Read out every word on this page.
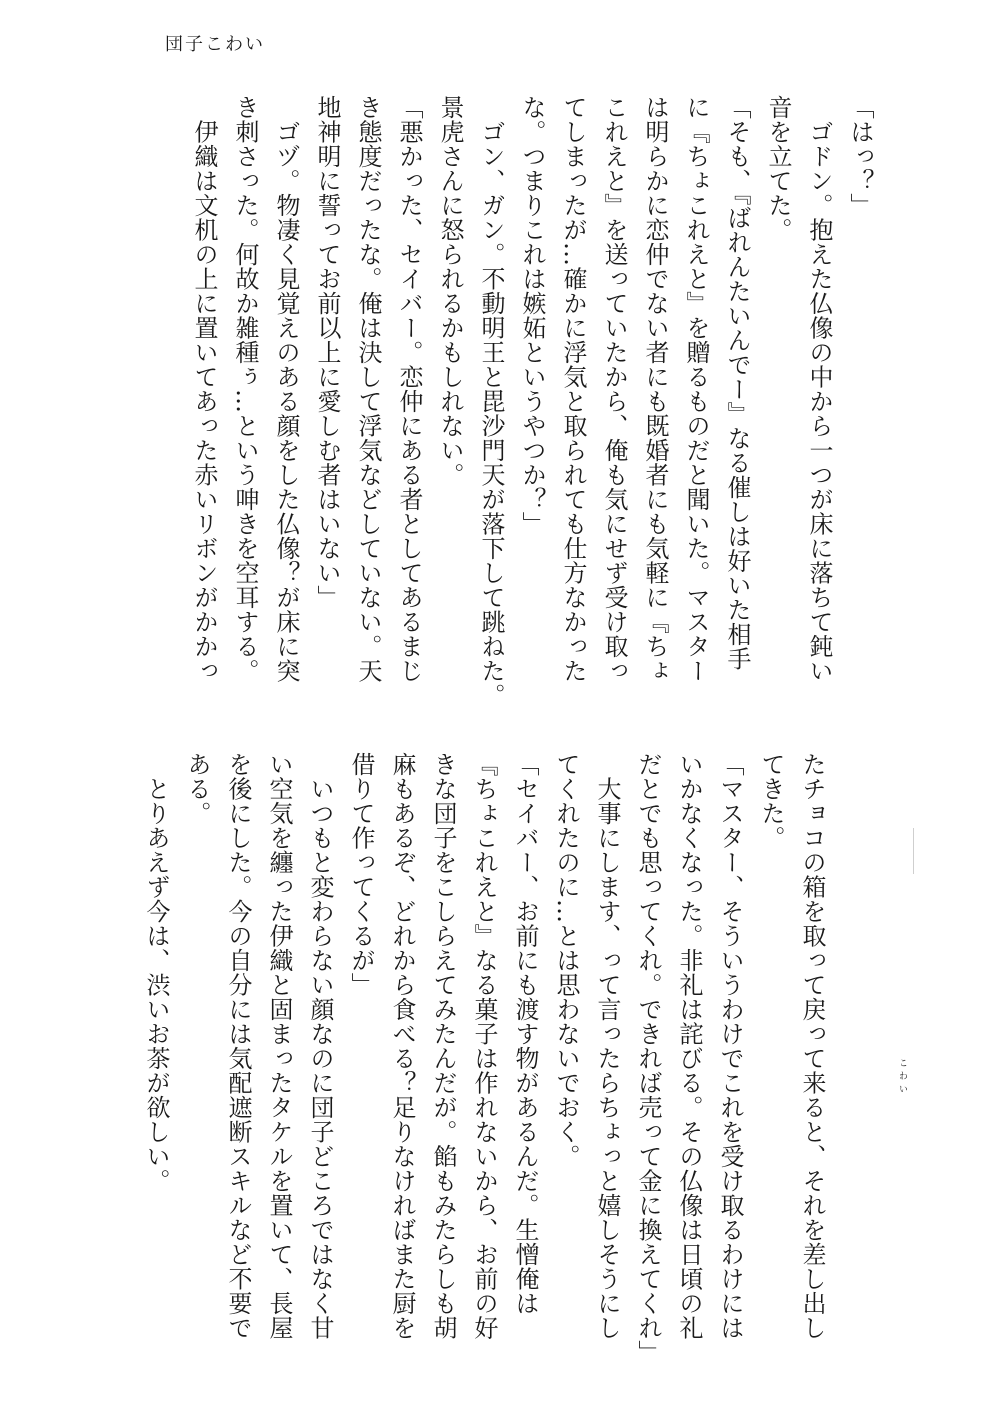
団子こわい
「はっ？」
　ゴドン。抱えた仏像の中から一つが床に落ちて鈍い
音を立てた。
「そも、『ばれんたいんでー』なる催しは好いた相手
に『ちょこれえと』を贈るものだと聞いた。マスター
は明らかに恋仲でない者にも既婚者にも気軽に『ちょ
これえと』を送っていたから、俺も気にせず受け取っ
てしまったが…確かに浮気と取られても仕方なかった
な。つまりこれは嫉妬というやつか？」
　ゴン、ガン。不動明王と毘沙門天が落下して跳ねた。
景虎さんに怒られるかもしれない。
「悪かった、セイバー。恋仲にある者としてあるまじ
き態度だったな。俺は決して浮気などしていない。天
地神明に誓ってお前以上に愛しむ者はいない」
　ゴヅ。物凄く見覚えのある顔をした仏像？が床に突
き刺さった。何故か雑種ぅ…という呻きを空耳する。
　伊織は文机の上に置いてあった赤いリボンがかかっ
たチョコの箱を取って戻って来ると、それを差し出し
てきた。
「マスター、そういうわけでこれを受け取るわけには
いかなくなった。非礼は詫びる。その仏像は日頃の礼
だとでも思ってくれ。できれば売って金に換えてくれ」
　大事にします、って言ったらちょっと嬉しそうにし
てくれたのに…とは思わないでおく。
「セイバー、お前にも渡す物があるんだ。生憎俺は
『ちょこれえと』なる菓子は作れないから、お前の好
きな団子をこしらえてみたんだが。餡もみたらしも胡
麻もあるぞ、どれから食べる？足りなければまた厨を
借りて作ってくるが」
　いつもと変わらない顔なのに団子どころではなく甘
い空気を纏った伊織と固まったタケルを置いて、長屋
を後にした。今の自分には気配遮断スキルなど不要で
ある。
　とりあえず今は、渋いお茶が欲しい。	こわい
